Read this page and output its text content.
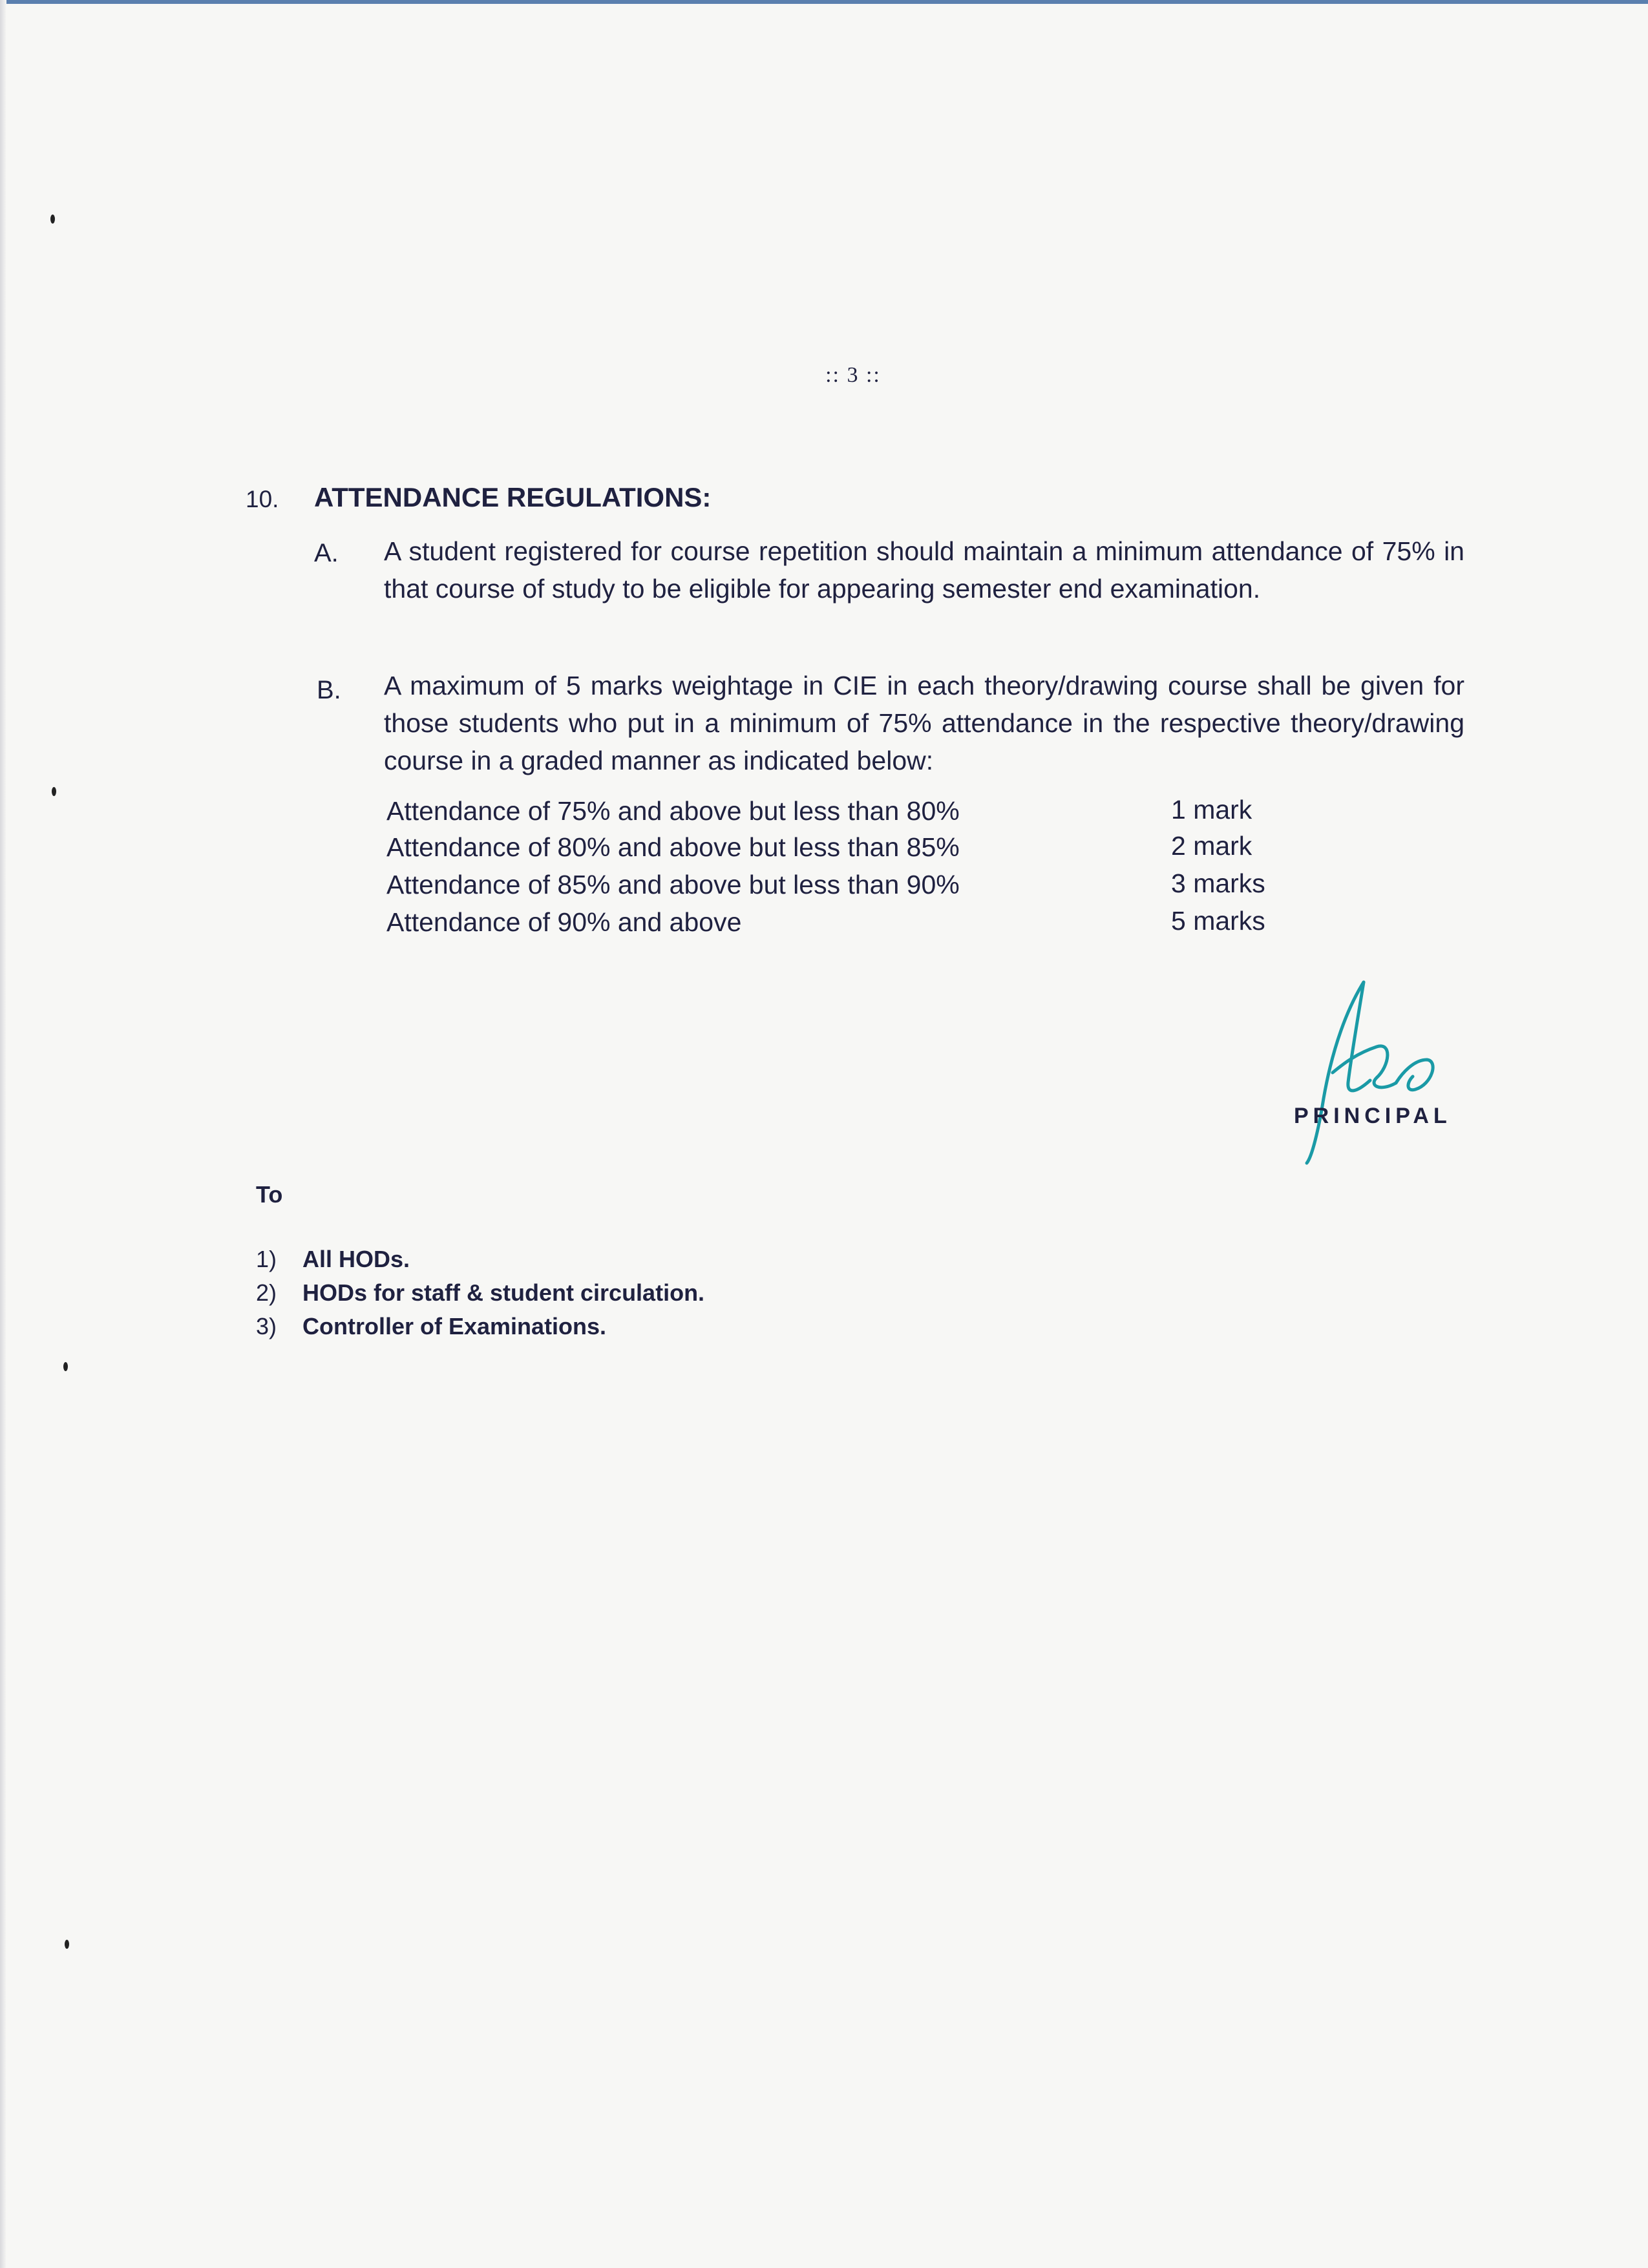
:: 3 ::
10. ATTENDANCE REGULATIONS:
A. A student registered for course repetition should maintain a minimum attendance of 75% in that course of study to be eligible for appearing semester end examination.
B. A maximum of 5 marks weightage in CIE in each theory/drawing course shall be given for those students who put in a minimum of 75% attendance in the respective theory/drawing course in a graded manner as indicated below:
Attendance of 75% and above but less than 80%	1 mark
Attendance of 80% and above but less than 85%	2 mark
Attendance of 85% and above but less than 90%	3 marks
Attendance of 90% and above	5 marks
PRINCIPAL
To
1) All HODs.
2) HODs for staff & student circulation.
3) Controller of Examinations.
